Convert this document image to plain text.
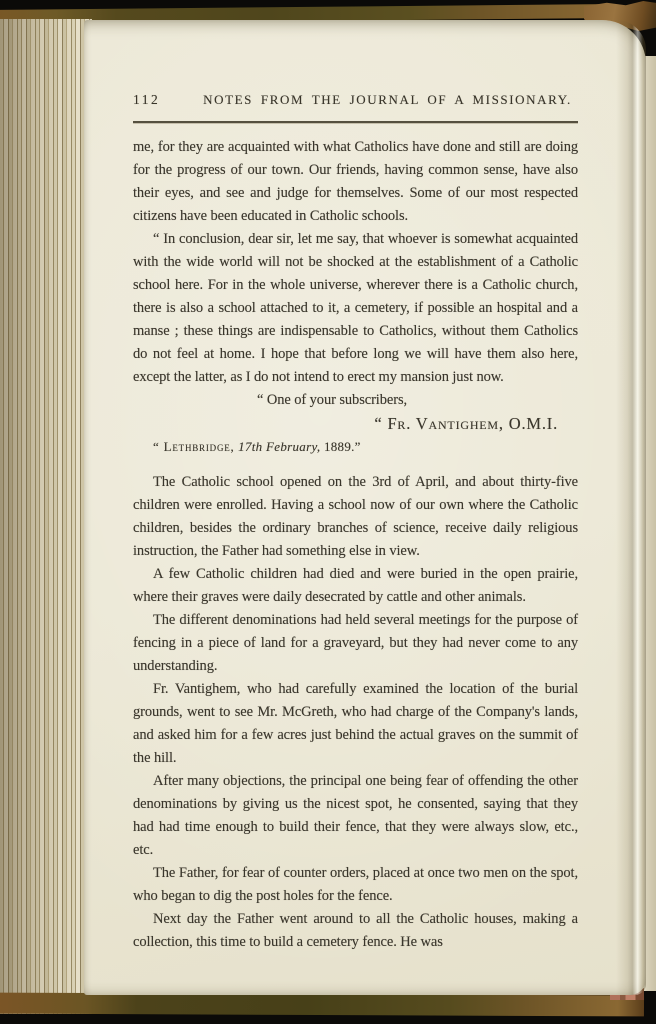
112	NOTES FROM THE JOURNAL OF A MISSIONARY.

me, for they are acquainted with what Catholics have done and still are doing for the progress of our town. Our friends, having common sense, have also their eyes, and see and judge for themselves. Some of our most respected citizens have been educated in Catholic schools.

“ In conclusion, dear sir, let me say, that whoever is somewhat acquainted with the wide world will not be shocked at the establishment of a Catholic school here. For in the whole universe, wherever there is a Catholic church, there is also a school attached to it, a cemetery, if possible an hospital and a manse ; these things are indispensable to Catholics, without them Catholics do not feel at home. I hope that before long we will have them also here, except the latter, as I do not intend to erect my mansion just now.

“ One of your subscribers,

“ Fr. Vantighem, O.M.I.

“ Lethbridge, 17th February, 1889.”

The Catholic school opened on the 3rd of April, and about thirty-five children were enrolled. Having a school now of our own where the Catholic children, besides the ordinary branches of science, receive daily religious instruction, the Father had something else in view.

A few Catholic children had died and were buried in the open prairie, where their graves were daily desecrated by cattle and other animals.

The different denominations had held several meetings for the purpose of fencing in a piece of land for a graveyard, but they had never come to any understanding.

Fr. Vantighem, who had carefully examined the location of the burial grounds, went to see Mr. McGreth, who had charge of the Company's lands, and asked him for a few acres just behind the actual graves on the summit of the hill.

After many objections, the principal one being fear of offending the other denominations by giving us the nicest spot, he consented, saying that they had had time enough to build their fence, that they were always slow, etc., etc.

The Father, for fear of counter orders, placed at once two men on the spot, who began to dig the post holes for the fence.

Next day the Father went around to all the Catholic houses, making a collection, this time to build a cemetery fence. He was
